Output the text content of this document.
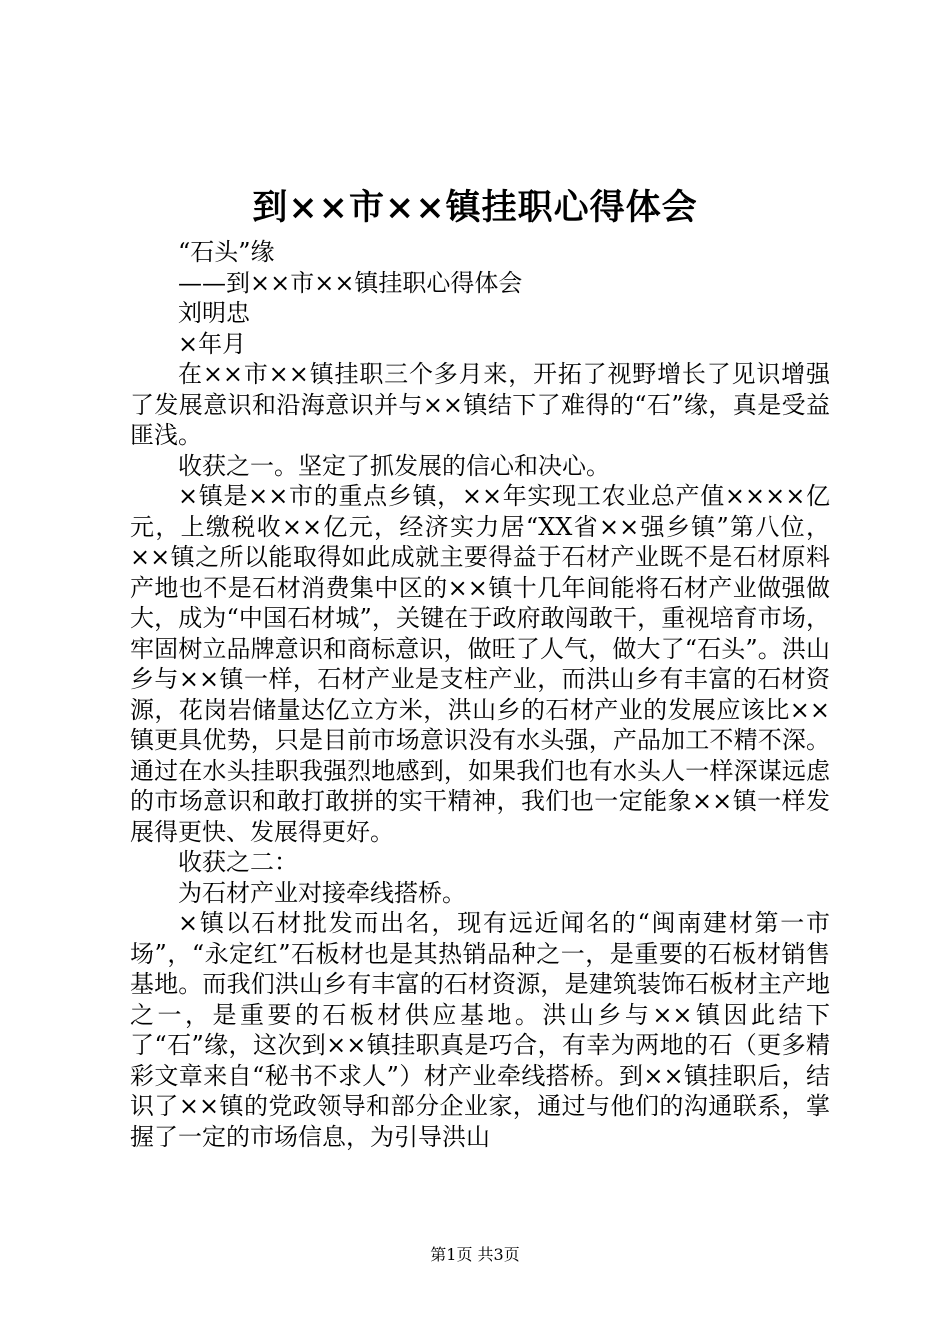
到××市××镇挂职心得体会

“石头”缘

——到××市××镇挂职心得体会

刘明忠

×年月

在××市××镇挂职三个多月来，开拓了视野增长了见识增强了发展意识和沿海意识并与××镇结下了难得的“石”缘，真是受益匪浅。

收获之一。坚定了抓发展的信心和决心。

×镇是××市的重点乡镇，××年实现工农业总产值××××亿元，上缴税收××亿元，经济实力居“XX省××强乡镇”第八位，××镇之所以能取得如此成就主要得益于石材产业既不是石材原料产地也不是石材消费集中区的××镇十几年间能将石材产业做强做大，成为“中国石材城”，关键在于政府敢闯敢干，重视培育市场，牢固树立品牌意识和商标意识，做旺了人气，做大了“石头”。洪山乡与××镇一样，石材产业是支柱产业，而洪山乡有丰富的石材资源，花岗岩储量达亿立方米，洪山乡的石材产业的发展应该比××镇更具优势，只是目前市场意识没有水头强，产品加工不精不深。通过在水头挂职我强烈地感到，如果我们也有水头人一样深谋远虑的市场意识和敢打敢拼的实干精神，我们也一定能象××镇一样发展得更快、发展得更好。

收获之二：

为石材产业对接牵线搭桥。

×镇以石材批发而出名，现有远近闻名的“闽南建材第一市场”，“永定红”石板材也是其热销品种之一，是重要的石板材销售基地。而我们洪山乡有丰富的石材资源，是建筑装饰石板材主产地之一，是重要的石板材供应基地。洪山乡与××镇因此结下了“石”缘，这次到××镇挂职真是巧合，有幸为两地的石（更多精彩文章来自“秘书不求人”）材产业牵线搭桥。到××镇挂职后，结识了××镇的党政领导和部分企业家，通过与他们的沟通联系，掌握了一定的市场信息，为引导洪山

第1页 共3页
